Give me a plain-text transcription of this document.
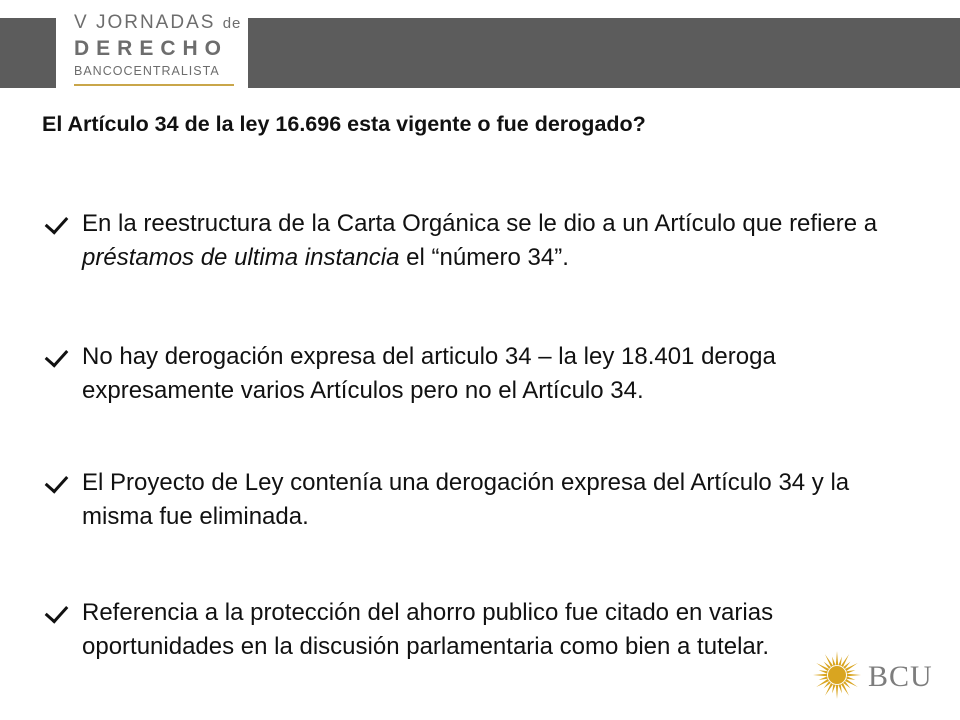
V JORNADAS de
DERECHO
BANCOCENTRALISTA
El Artículo 34 de la ley 16.696 esta vigente o fue derogado?
En la reestructura de la Carta Orgánica se le dio a un Artículo que refiere a préstamos de ultima instancia el “número 34”.
No hay derogación expresa del articulo 34 – la ley 18.401 deroga expresamente varios Artículos pero no el Artículo 34.
El Proyecto de Ley contenía una derogación expresa del Artículo 34 y la misma fue eliminada.
Referencia a la protección del ahorro publico fue citado en varias oportunidades en la discusión parlamentaria como bien a tutelar.
BCU
